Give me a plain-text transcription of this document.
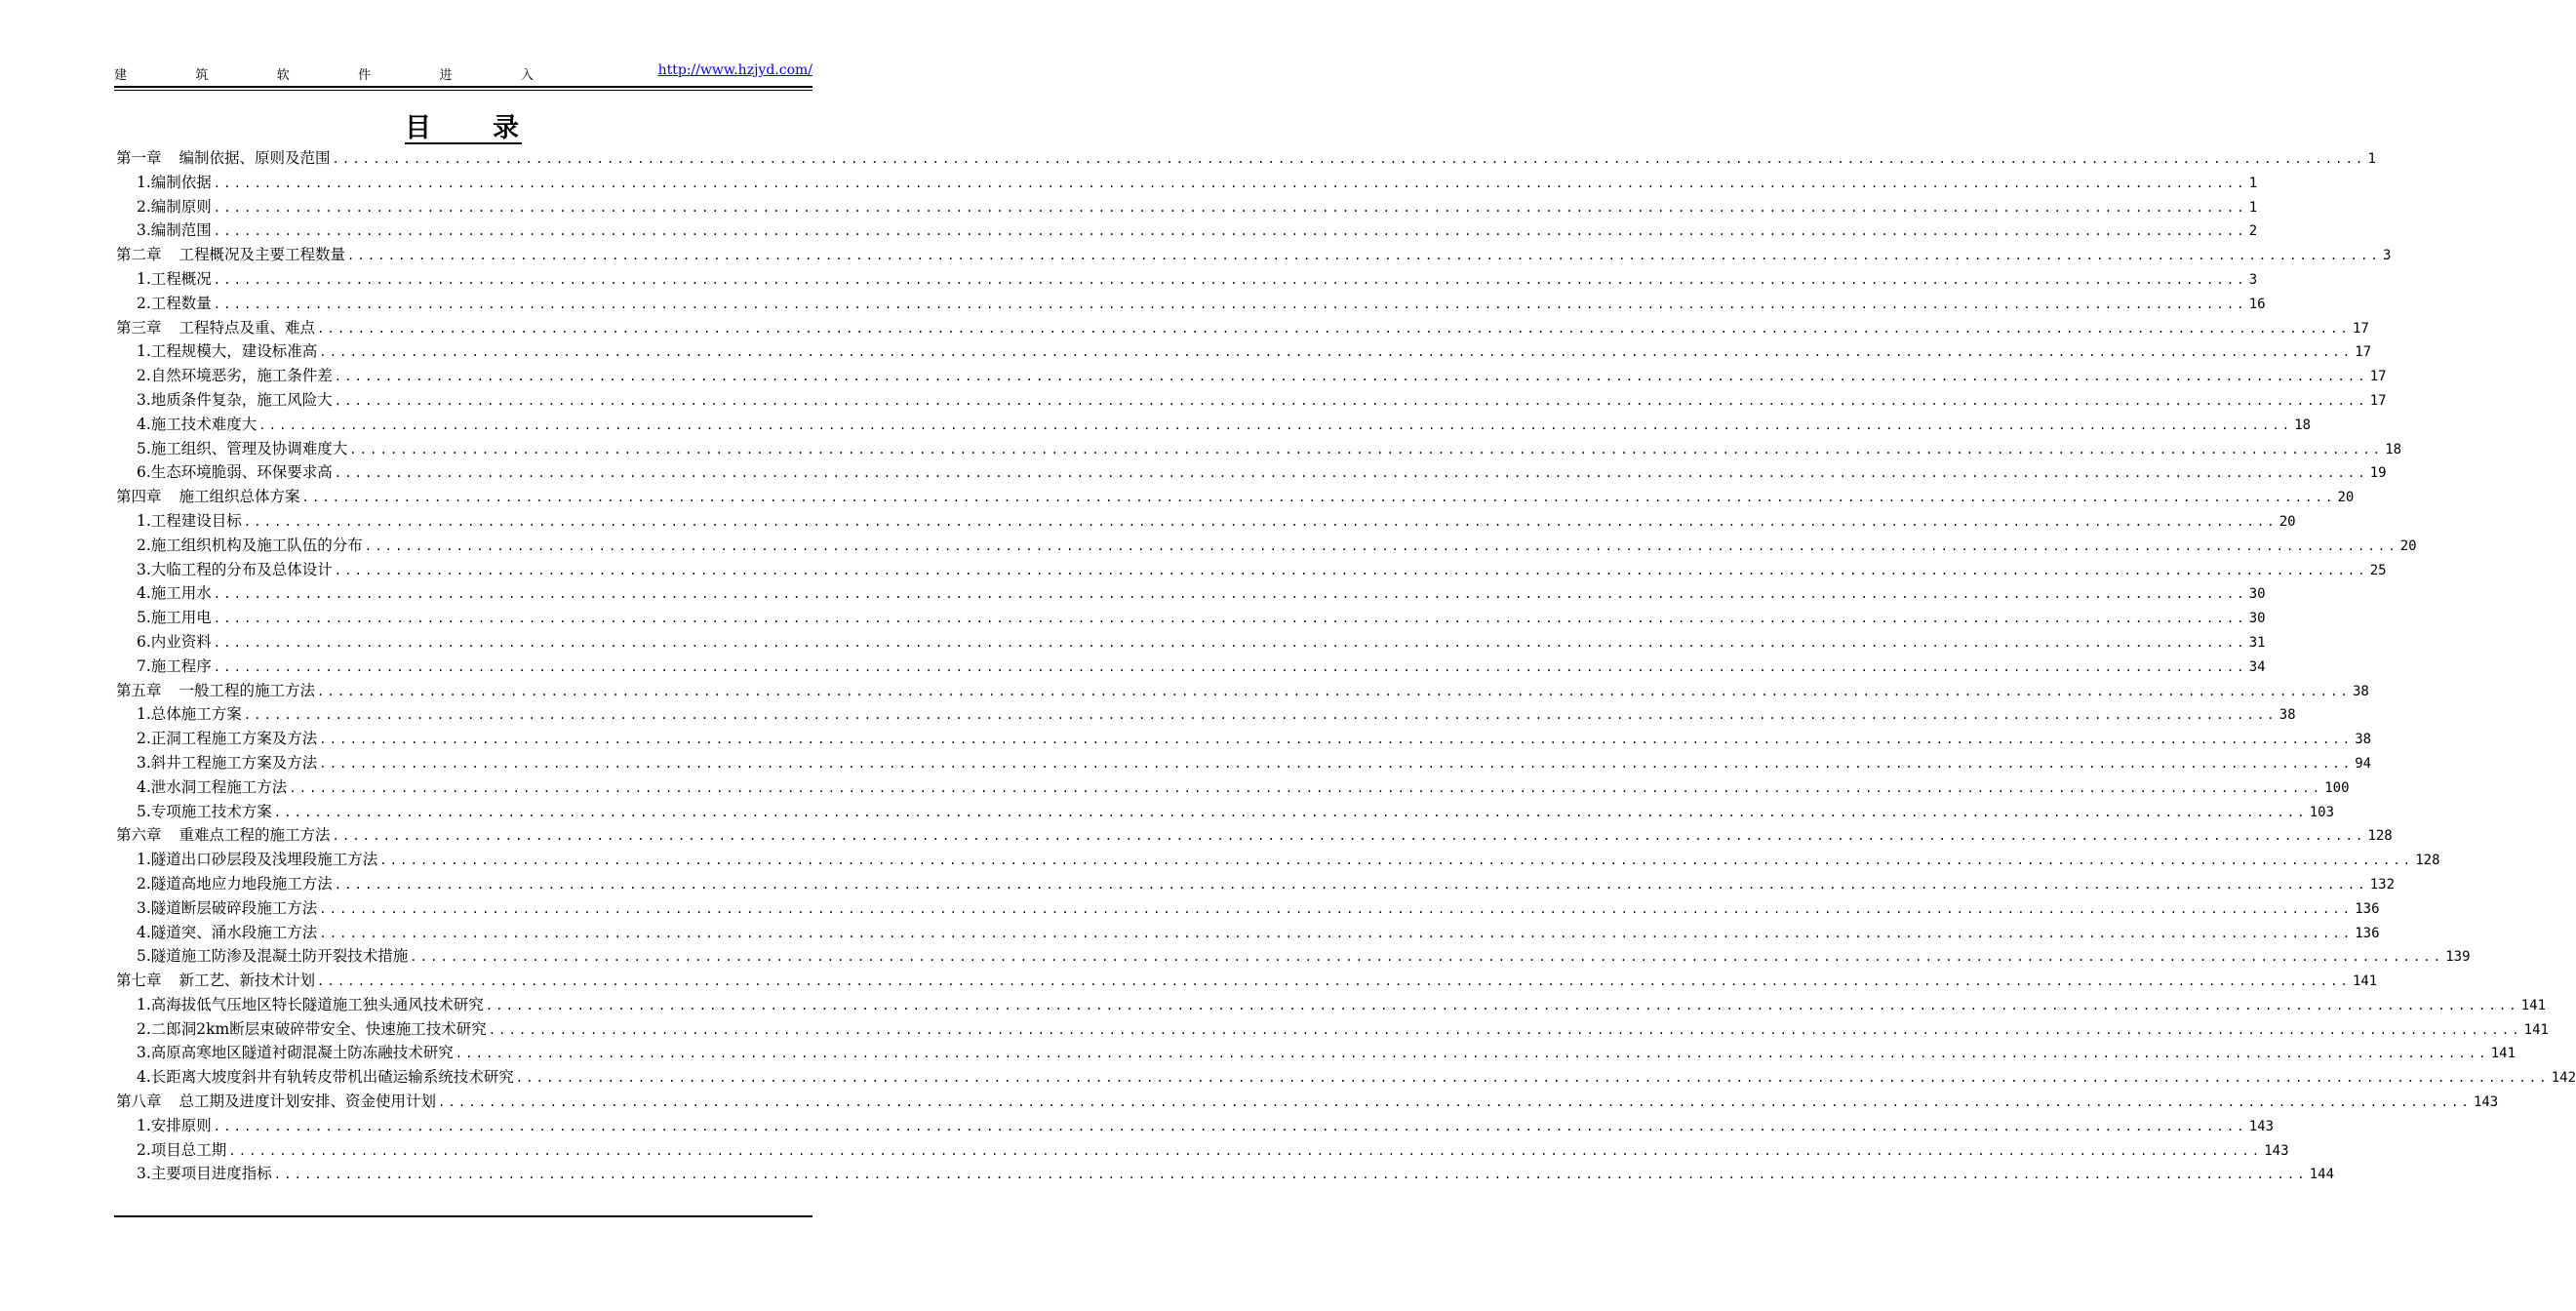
建	筑	软	件	进	入	http://www.hzjyd.com/
目　　录
第一章 编制依据、原则及范围 ........................................................................................................................................................................................................ 1
1.编制依据 ........................................................................................................................................................................................................ 1
2.编制原则 ........................................................................................................................................................................................................ 1
3.编制范围 ........................................................................................................................................................................................................ 2
第二章 工程概况及主要工程数量 ........................................................................................................................................................................................................ 3
1.工程概况 ........................................................................................................................................................................................................ 3
2.工程数量 ........................................................................................................................................................................................................ 16
第三章 工程特点及重、难点 ........................................................................................................................................................................................................ 17
1.工程规模大，建设标准高 ........................................................................................................................................................................................................ 17
2.自然环境恶劣，施工条件差 ........................................................................................................................................................................................................ 17
3.地质条件复杂，施工风险大 ........................................................................................................................................................................................................ 17
4.施工技术难度大 ........................................................................................................................................................................................................ 18
5.施工组织、管理及协调难度大 ........................................................................................................................................................................................................ 18
6.生态环境脆弱、环保要求高 ........................................................................................................................................................................................................ 19
第四章 施工组织总体方案 ........................................................................................................................................................................................................ 20
1.工程建设目标 ........................................................................................................................................................................................................ 20
2.施工组织机构及施工队伍的分布 ........................................................................................................................................................................................................ 20
3.大临工程的分布及总体设计 ........................................................................................................................................................................................................ 25
4.施工用水 ........................................................................................................................................................................................................ 30
5.施工用电 ........................................................................................................................................................................................................ 30
6.内业资料 ........................................................................................................................................................................................................ 31
7.施工程序 ........................................................................................................................................................................................................ 34
第五章 一般工程的施工方法 ........................................................................................................................................................................................................ 38
1.总体施工方案 ........................................................................................................................................................................................................ 38
2.正洞工程施工方案及方法 ........................................................................................................................................................................................................ 38
3.斜井工程施工方案及方法 ........................................................................................................................................................................................................ 94
4.泄水洞工程施工方法 ........................................................................................................................................................................................................ 100
5.专项施工技术方案 ........................................................................................................................................................................................................ 103
第六章 重难点工程的施工方法 ........................................................................................................................................................................................................ 128
1.隧道出口砂层段及浅埋段施工方法 ........................................................................................................................................................................................................ 128
2.隧道高地应力地段施工方法 ........................................................................................................................................................................................................ 132
3.隧道断层破碎段施工方法 ........................................................................................................................................................................................................ 136
4.隧道突、涌水段施工方法 ........................................................................................................................................................................................................ 136
5.隧道施工防渗及混凝土防开裂技术措施 ........................................................................................................................................................................................................ 139
第七章 新工艺、新技术计划 ........................................................................................................................................................................................................ 141
1.高海拔低气压地区特长隧道施工独头通风技术研究 ........................................................................................................................................................................................................ 141
2.二郎洞2km断层束破碎带安全、快速施工技术研究 ........................................................................................................................................................................................................ 141
3.高原高寒地区隧道衬砌混凝土防冻融技术研究 ........................................................................................................................................................................................................ 141
4.长距离大坡度斜井有轨转皮带机出碴运输系统技术研究 ........................................................................................................................................................................................................ 142
第八章 总工期及进度计划安排、资金使用计划 ........................................................................................................................................................................................................ 143
1.安排原则 ........................................................................................................................................................................................................ 143
2.项目总工期 ........................................................................................................................................................................................................ 143
3.主要项目进度指标 ........................................................................................................................................................................................................ 144
